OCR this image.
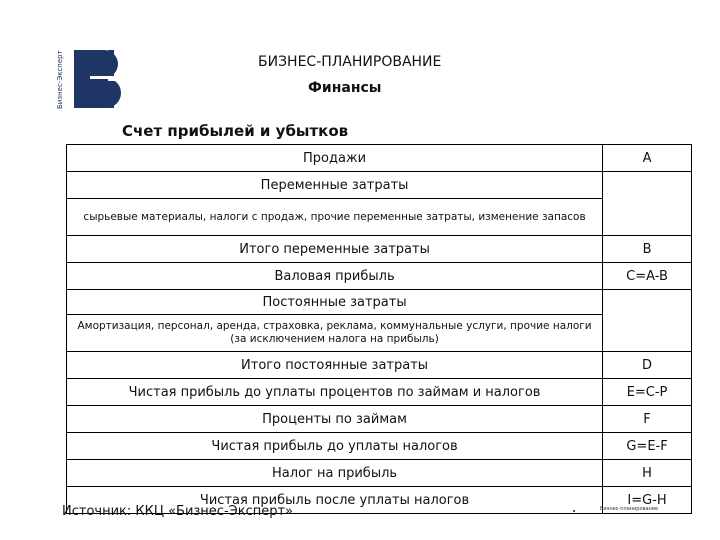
Бизнес-Эксперт	БИЗНЕС-ПЛАНИРОВАНИЕ
Финансы
Счет прибылей и убытков
Продажи	A
Переменные затраты	
сырьевые материалы, налоги с продаж, прочие переменные затраты, изменение запасов	
Итого переменные затраты	B
Валовая прибыль	C=A-B
Постоянные затраты	
Амортизация, персонал, аренда, страховка, реклама, коммунальные услуги, прочие налоги (за исключением налога на прибыль)	
Итого постоянные затраты	D
Чистая прибыль до уплаты процентов по займам и налогов	E=C-P
Проценты по займам	F
Чистая прибыль до уплаты налогов	G=E-F
Налог на прибыль	H
Чистая прибыль после уплаты налогов	I=G-H
Источник: ККЦ «Бизнес-Эксперт»	Бизнес-планирование
